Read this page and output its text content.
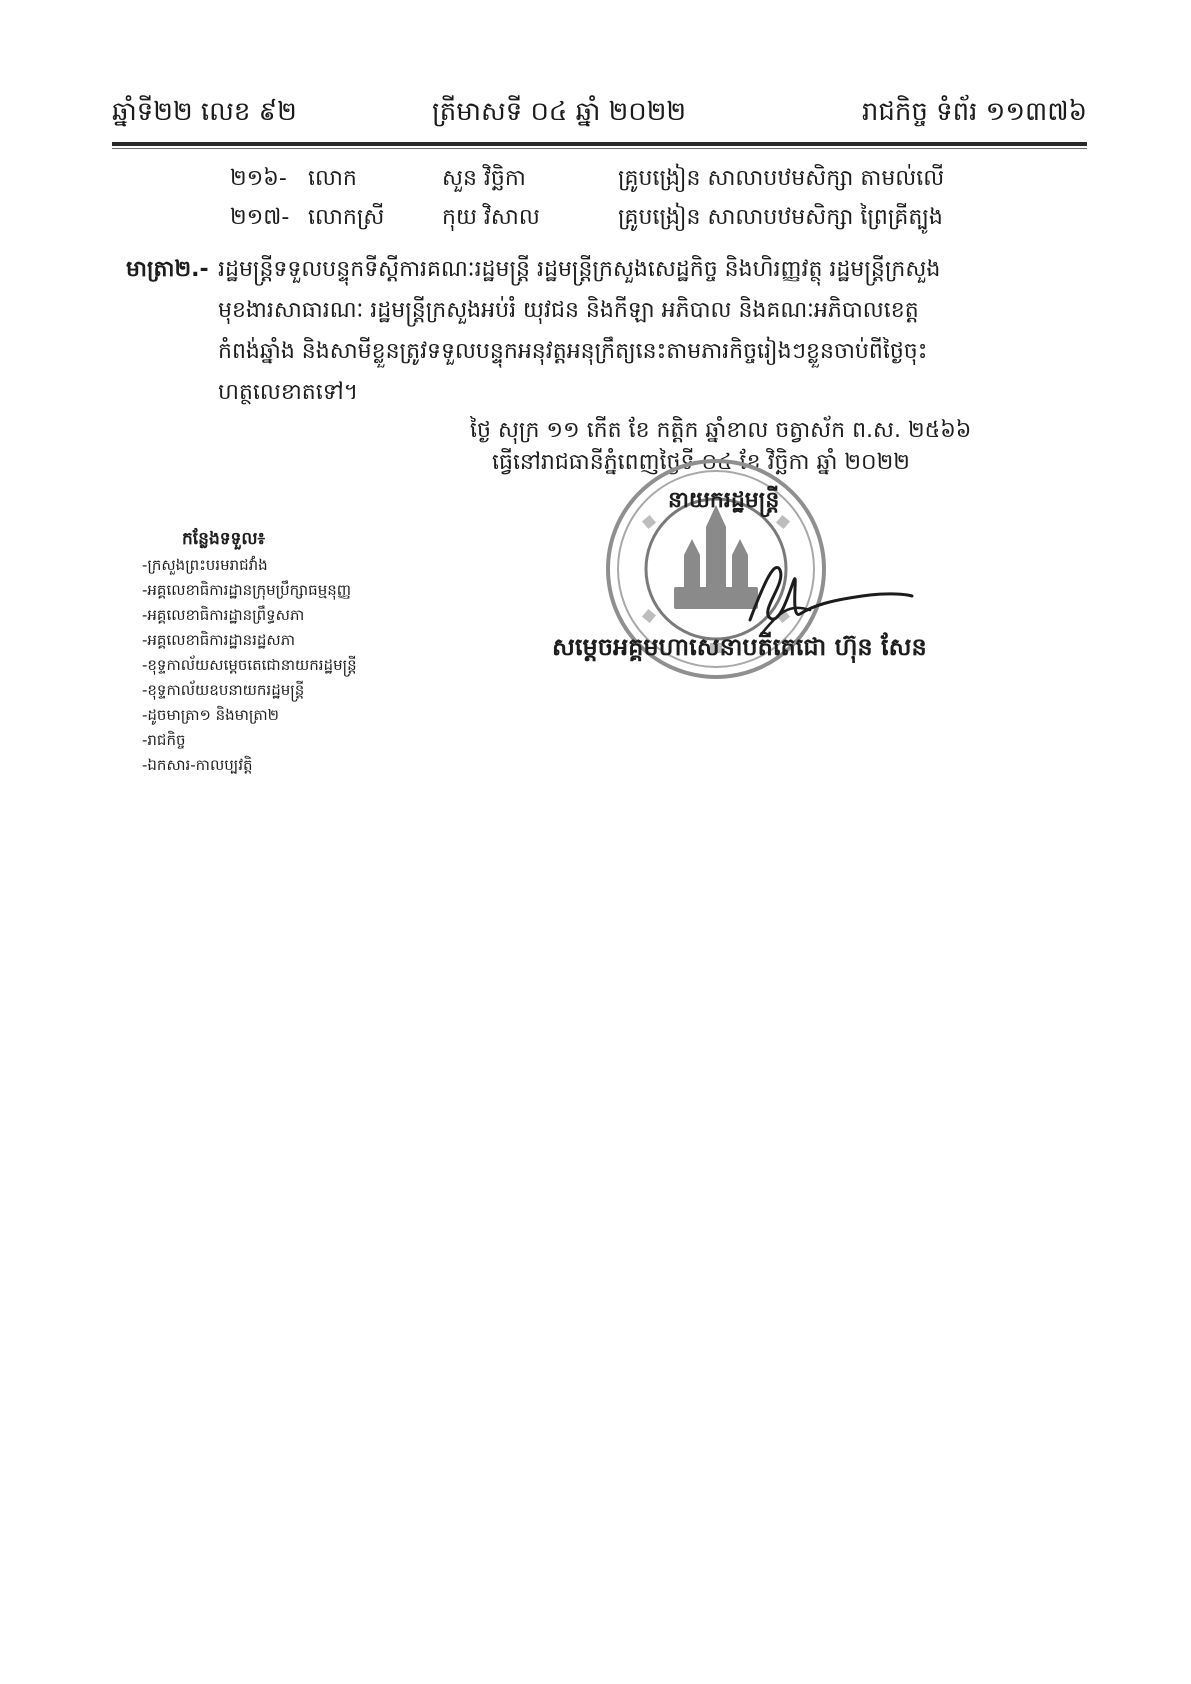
ឆ្នាំទី២២ លេខ ៩២	ត្រីមាសទី ០៤ ឆ្នាំ ២០២២	រាជកិច្ច ទំព័រ ១១៣៧៦
២១៦- លោក	សួន វិច្ឆិកា	គ្រូបង្រៀន សាលាបឋមសិក្សា តាមល់លើ
២១៧- លោកស្រី	កុយ វិសាល	គ្រូបង្រៀន សាលាបឋមសិក្សា ព្រៃគ្រីត្បូង
មាត្រា២.- រដ្ឋមន្ត្រីទទួលបន្ទុកទីស្តីការគណៈរដ្ឋមន្ត្រី រដ្ឋមន្ត្រីក្រសួងសេដ្ឋកិច្ច និងហិរញ្ញវត្ថុ រដ្ឋមន្ត្រីក្រសួង
មុខងារសាធារណៈ រដ្ឋមន្ត្រីក្រសួងអប់រំ យុវជន និងកីឡា អភិបាល និងគណៈអភិបាលខេត្ត
កំពង់ឆ្នាំង និងសាមីខ្លួនត្រូវទទួលបន្ទុកអនុវត្តអនុក្រឹត្យនេះតាមភារកិច្ចរៀងៗខ្លួនចាប់ពីថ្ងៃចុះ
ហត្ថលេខាតទៅ។
ថ្ងៃ សុក្រ ១១ កើត ខែ កត្តិក ឆ្នាំខាល ចត្វាស័ក ព.ស. ២៥៦៦
ធ្វើនៅរាជធានីភ្នំពេញថ្ងៃទី ០៤ ខែ វិច្ឆិកា ឆ្នាំ ២០២២
នាយករដ្ឋមន្ត្រី
សម្តេចអគ្គមហាសេនាបតីតេជោ ហ៊ុន សែន
កន្លែងទទួល៖
-ក្រសួងព្រះបរមរាជវាំង
-អគ្គលេខាធិការដ្ឋានក្រុមប្រឹក្សាធម្មនុញ្ញ
-អគ្គលេខាធិការដ្ឋានព្រឹទ្ធសភា
-អគ្គលេខាធិការដ្ឋានរដ្ឋសភា
-ខុទ្ទកាល័យសម្តេចតេជោនាយករដ្ឋមន្ត្រី
-ខុទ្ទកាល័យឧបនាយករដ្ឋមន្ត្រី
-ដូចមាត្រា១ និងមាត្រា២
-រាជកិច្ច
-ឯកសារ-កាលប្បវត្តិ
